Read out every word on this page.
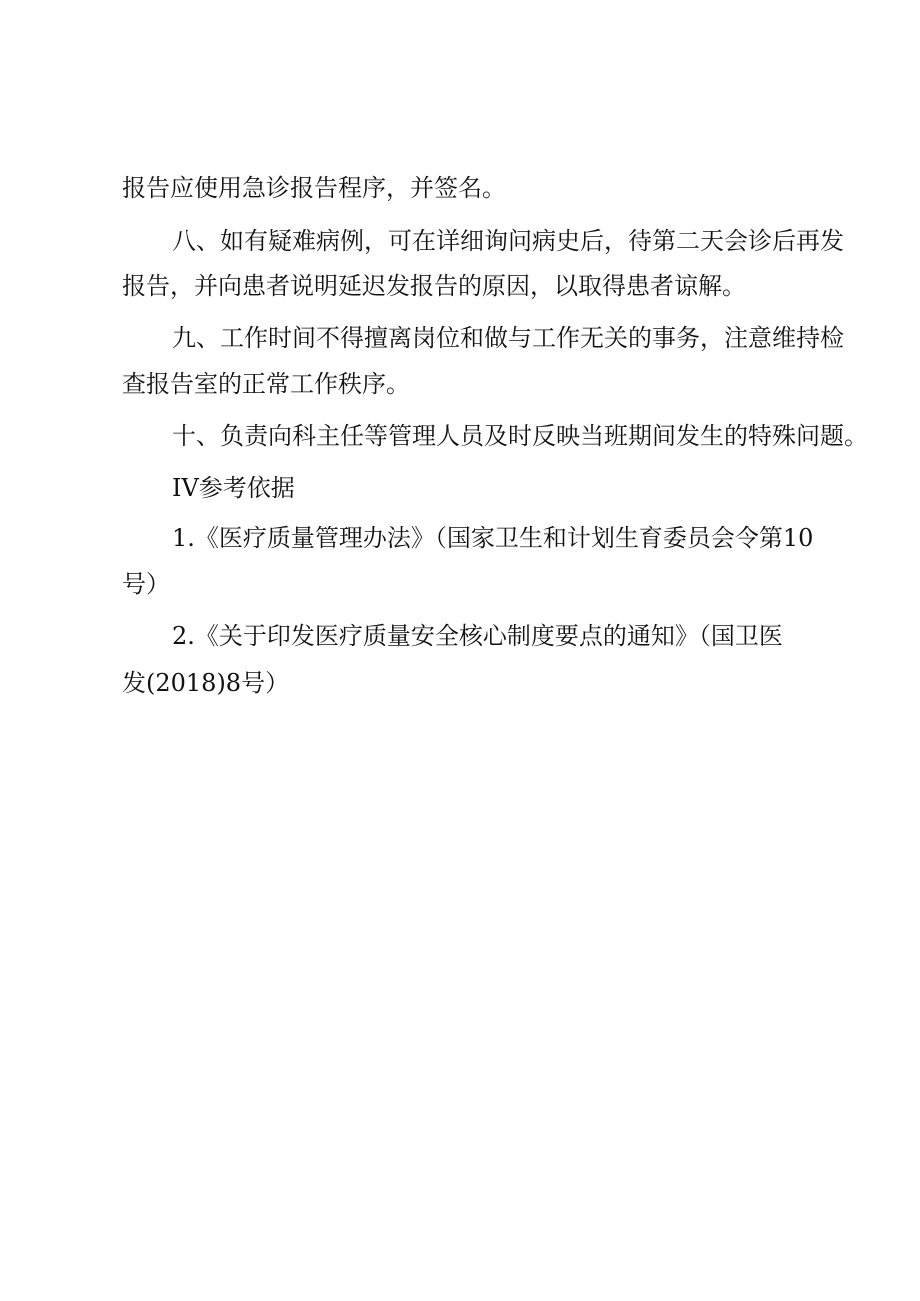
报告应使用急诊报告程序，并签名。
八、如有疑难病例，可在详细询问病史后，待第二天会诊后再发
报告，并向患者说明延迟发报告的原因，以取得患者谅解。
九、工作时间不得擅离岗位和做与工作无关的事务，注意维持检
查报告室的正常工作秩序。
十、负责向科主任等管理人员及时反映当班期间发生的特殊问题。
IV参考依据
1.《医疗质量管理办法》（国家卫生和计划生育委员会令第10
号）
2.《关于印发医疗质量安全核心制度要点的通知》（国卫医
发(2018)8号）
